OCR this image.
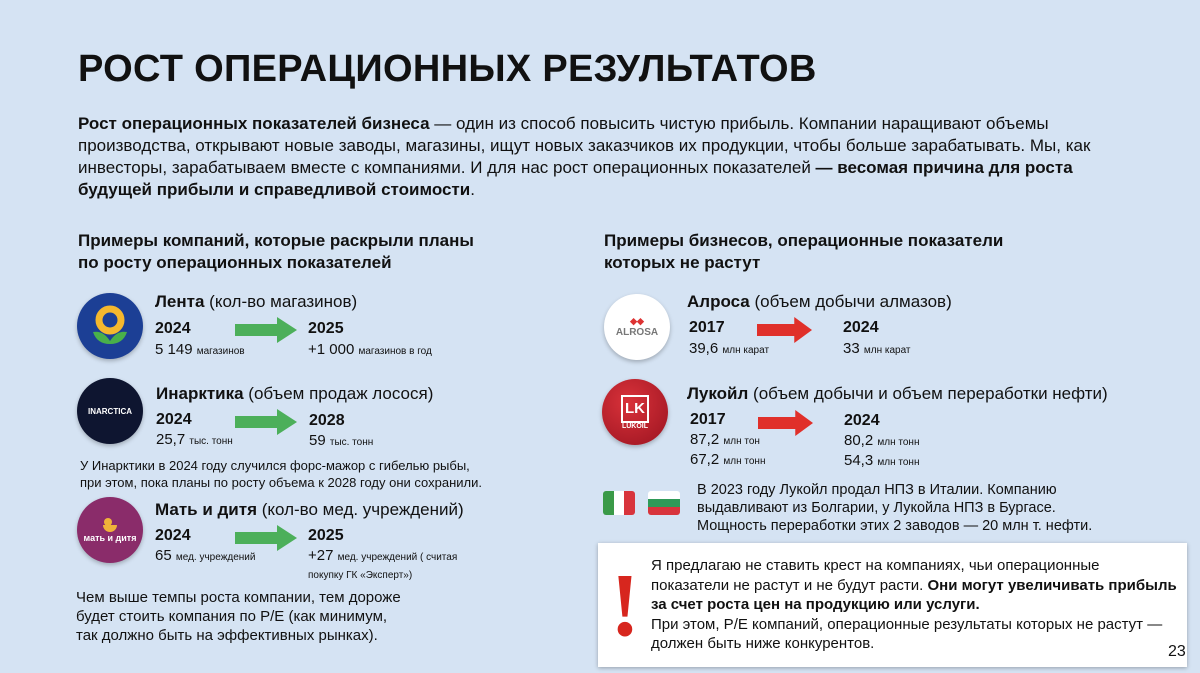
РОСТ ОПЕРАЦИОННЫХ РЕЗУЛЬТАТОВ
Рост операционных показателей бизнеса — один из способ повысить чистую прибыль. Компании наращивают объемы производства, открывают новые заводы, магазины, ищут новых заказчиков их продукции, чтобы больше зарабатывать. Мы, как инвесторы, зарабатываем вместе с компаниями. И для нас рост операционных показателей — весомая причина для роста будущей прибыли и справедливой стоимости.
Примеры компаний, которые раскрыли планы
по росту операционных показателей
Примеры бизнесов, операционные показатели
которых не растут
Лента (кол-во магазинов)
2024
5 149 магазинов
2025
+1 000 магазинов в год
INARCTICA
Инарктика (объем продаж лосося)
2024
25,7 тыс. тонн
2028
59 тыс. тонн
У Инарктики в 2024 году случился форс-мажор с гибелью рыбы,
при этом, пока планы по росту объема к 2028 году они сохранили.
мать и дитя
Мать и дитя (кол-во мед. учреждений)
2024
65 мед. учреждений
2025
+27 мед. учреждений ( считая
покупку ГК «Эксперт»)
Чем выше темпы роста компании, тем дороже
будет стоить компания по P/E (как минимум,
так должно быть на эффективных рынках).
◆◆
ALROSA
Алроса (объем добычи алмазов)
2017
39,6 млн карат
2024
33 млн карат
LK
LUKOIL
Лукойл (объем добычи и объем переработки нефти)
2017
87,2 млн тон
67,2 млн тонн
2024
80,2 млн тонн
54,3 млн тонн
В 2023 году Лукойл продал НПЗ в Италии. Компанию
выдавливают из Болгарии, у Лукойла НПЗ в Бургасе.
Мощность переработки этих 2 заводов — 20 млн т. нефти.
! Я предлагаю не ставить крест на компаниях, чьи операционные показатели не растут и не будут расти. Они могут увеличивать прибыль за счет роста цен на продукцию или услуги.
При этом, P/E компаний, операционные результаты которых не растут — должен быть ниже конкурентов.	23
